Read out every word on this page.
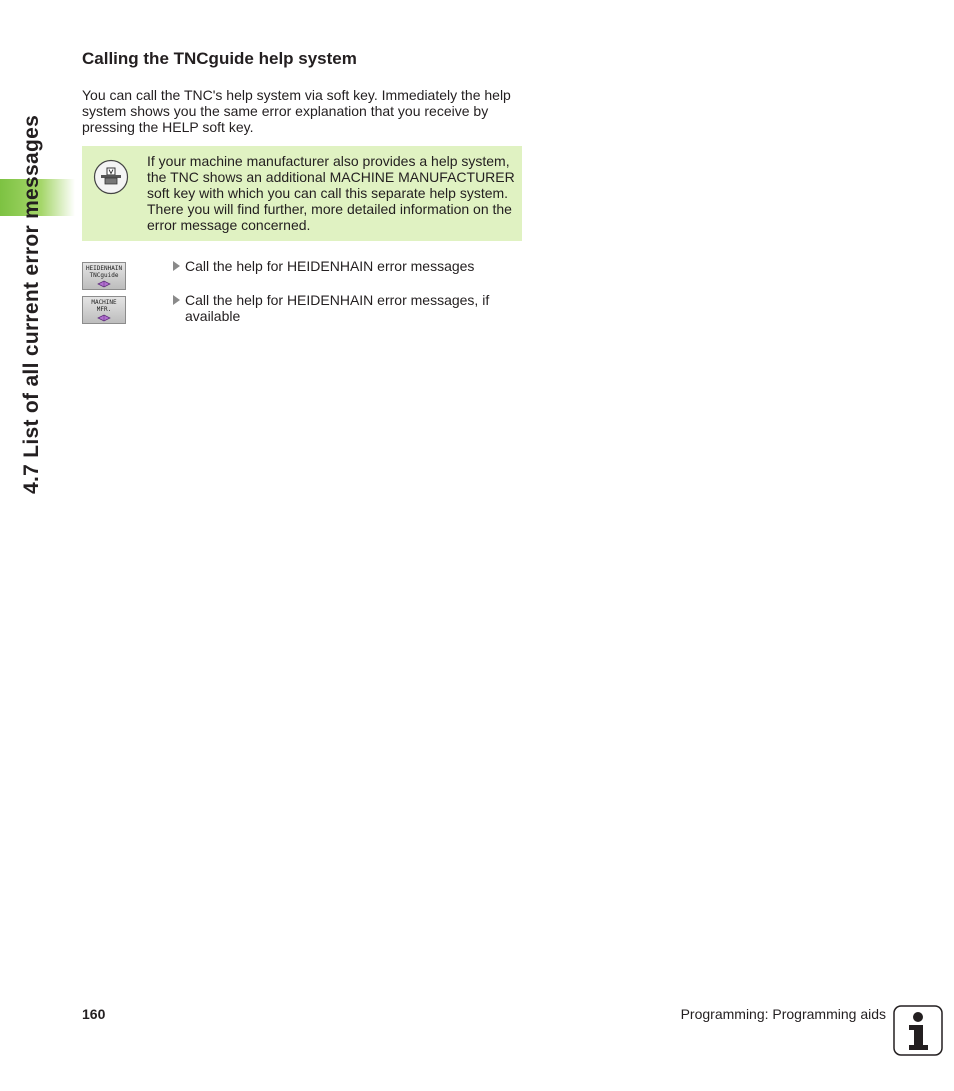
4.7 List of all current error messages
Calling the TNCguide help system
You can call the TNC's help system via soft key. Immediately the help system shows you the same error explanation that you receive by pressing the HELP soft key.
If your machine manufacturer also provides a help system, the TNC shows an additional MACHINE MANUFACTURER soft key with which you can call this separate help system. There you will find further, more detailed information on the error message concerned.
HEIDENHAIN
TNCguide
Call the help for HEIDENHAIN error messages
MACHINE
MFR.
Call the help for HEIDENHAIN error messages, if available
160	Programming: Programming aids
